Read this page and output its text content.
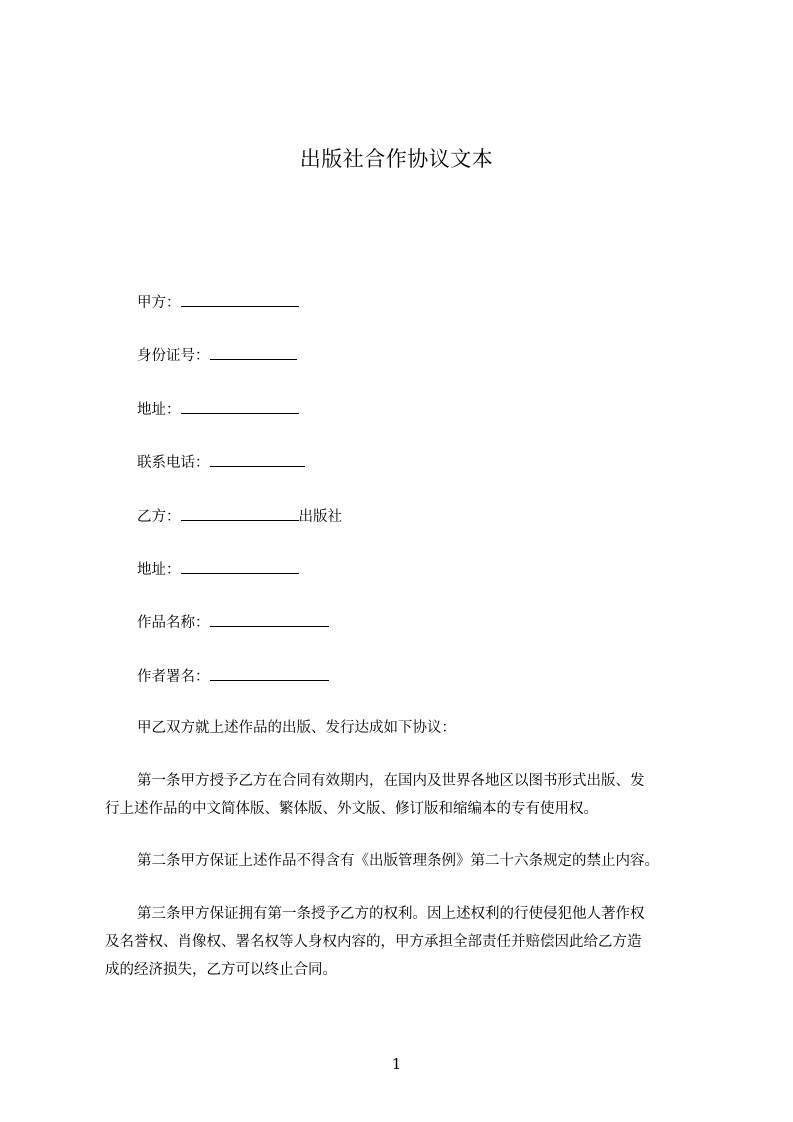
出版社合作协议文本
甲方：
身份证号：
地址：
联系电话：
乙方：	出版社
地址：
作品名称：
作者署名：
甲乙双方就上述作品的出版、发行达成如下协议：
第一条甲方授予乙方在合同有效期内，在国内及世界各地区以图书形式出版、发
行上述作品的中文简体版、繁体版、外文版、修订版和缩编本的专有使用权。
第二条甲方保证上述作品不得含有《出版管理条例》第二十六条规定的禁止内容。
第三条甲方保证拥有第一条授予乙方的权利。因上述权利的行使侵犯他人著作权
及名誉权、肖像权、署名权等人身权内容的，甲方承担全部责任并赔偿因此给乙方造
成的经济损失，乙方可以终止合同。
1
